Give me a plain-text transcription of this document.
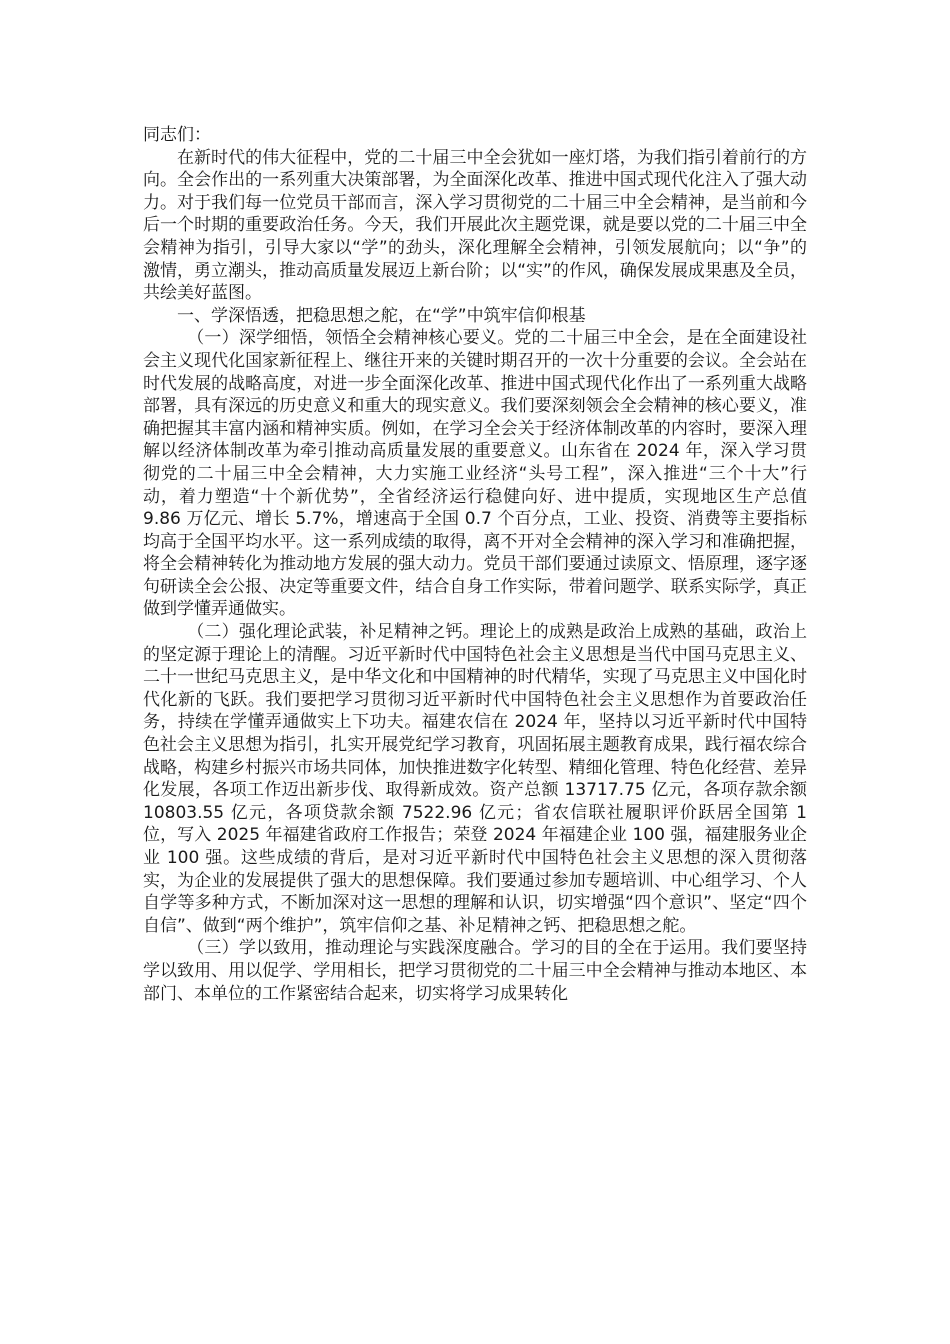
同志们：

在新时代的伟大征程中，党的二十届三中全会犹如一座灯塔，为我们指引着前行的方向。全会作出的一系列重大决策部署，为全面深化改革、推进中国式现代化注入了强大动力。对于我们每一位党员干部而言，深入学习贯彻党的二十届三中全会精神，是当前和今后一个时期的重要政治任务。今天，我们开展此次主题党课，就是要以党的二十届三中全会精神为指引，引导大家以“学”的劲头，深化理解全会精神，引领发展航向；以“争”的激情，勇立潮头，推动高质量发展迈上新台阶；以“实”的作风，确保发展成果惠及全员，共绘美好蓝图。

一、学深悟透，把稳思想之舵，在“学”中筑牢信仰根基

（一）深学细悟，领悟全会精神核心要义。党的二十届三中全会，是在全面建设社会主义现代化国家新征程上、继往开来的关键时期召开的一次十分重要的会议。全会站在时代发展的战略高度，对进一步全面深化改革、推进中国式现代化作出了一系列重大战略部署，具有深远的历史意义和重大的现实意义。我们要深刻领会全会精神的核心要义，准确把握其丰富内涵和精神实质。例如，在学习全会关于经济体制改革的内容时，要深入理解以经济体制改革为牵引推动高质量发展的重要意义。山东省在 2024 年，深入学习贯彻党的二十届三中全会精神，大力实施工业经济“头号工程”，深入推进“三个十大”行动，着力塑造“十个新优势”，全省经济运行稳健向好、进中提质，实现地区生产总值 9.86 万亿元、增长 5.7%，增速高于全国 0.7 个百分点，工业、投资、消费等主要指标均高于全国平均水平。这一系列成绩的取得，离不开对全会精神的深入学习和准确把握，将全会精神转化为推动地方发展的强大动力。党员干部们要通过读原文、悟原理，逐字逐句研读全会公报、决定等重要文件，结合自身工作实际，带着问题学、联系实际学，真正做到学懂弄通做实。

（二）强化理论武装，补足精神之钙。理论上的成熟是政治上成熟的基础，政治上的坚定源于理论上的清醒。习近平新时代中国特色社会主义思想是当代中国马克思主义、二十一世纪马克思主义，是中华文化和中国精神的时代精华，实现了马克思主义中国化时代化新的飞跃。我们要把学习贯彻习近平新时代中国特色社会主义思想作为首要政治任务，持续在学懂弄通做实上下功夫。福建农信在 2024 年，坚持以习近平新时代中国特色社会主义思想为指引，扎实开展党纪学习教育，巩固拓展主题教育成果，践行福农综合战略，构建乡村振兴市场共同体，加快推进数字化转型、精细化管理、特色化经营、差异化发展，各项工作迈出新步伐、取得新成效。资产总额 13717.75 亿元，各项存款余额 10803.55 亿元，各项贷款余额 7522.96 亿元；省农信联社履职评价跃居全国第 1 位，写入 2025 年福建省政府工作报告；荣登 2024 年福建企业 100 强，福建服务业企业 100 强。这些成绩的背后，是对习近平新时代中国特色社会主义思想的深入贯彻落实，为企业的发展提供了强大的思想保障。我们要通过参加专题培训、中心组学习、个人自学等多种方式，不断加深对这一思想的理解和认识，切实增强“四个意识”、坚定“四个自信”、做到“两个维护”，筑牢信仰之基、补足精神之钙、把稳思想之舵。

（三）学以致用，推动理论与实践深度融合。学习的目的全在于运用。我们要坚持学以致用、用以促学、学用相长，把学习贯彻党的二十届三中全会精神与推动本地区、本部门、本单位的工作紧密结合起来，切实将学习成果转化
